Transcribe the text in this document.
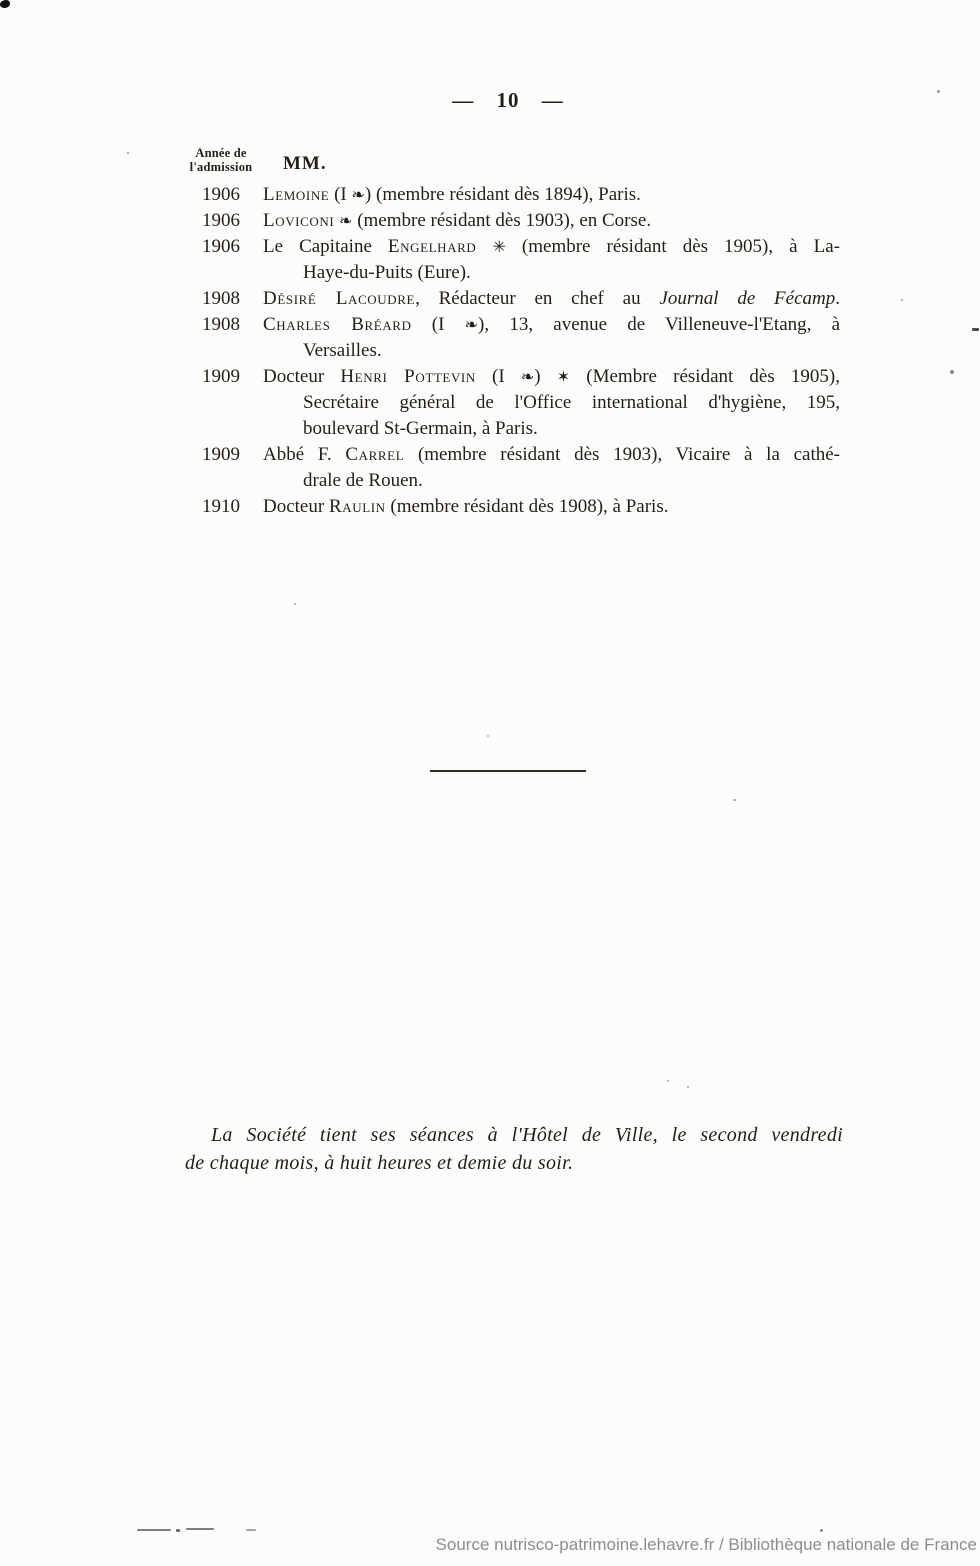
— 10 —
Année de
l'admission MM.
1906 Lemoine (I ❧) (membre résidant dès 1894), Paris.
1906 Loviconi ❧ (membre résidant dès 1903), en Corse.
1906 Le Capitaine Engelhard ✳ (membre résidant dès 1905), à La-
Haye-du-Puits (Eure).
1908 Désiré Lacoudre, Rédacteur en chef au Journal de Fécamp.
1908 Charles Bréard (I ❧), 13, avenue de Villeneuve-l'Etang, à
Versailles.
1909 Docteur Henri Pottevin (I ❧) ✶ (Membre résidant dès 1905),
Secrétaire général de l'Office international d'hygiène, 195,
boulevard St-Germain, à Paris.
1909 Abbé F. Carrel (membre résidant dès 1903), Vicaire à la cathé-
drale de Rouen.
1910 Docteur Raulin (membre résidant dès 1908), à Paris.
La Société tient ses séances à l'Hôtel de Ville, le second vendredi
de chaque mois, à huit heures et demie du soir.
Source nutrisco-patrimoine.lehavre.fr / Bibliothèque nationale de France
